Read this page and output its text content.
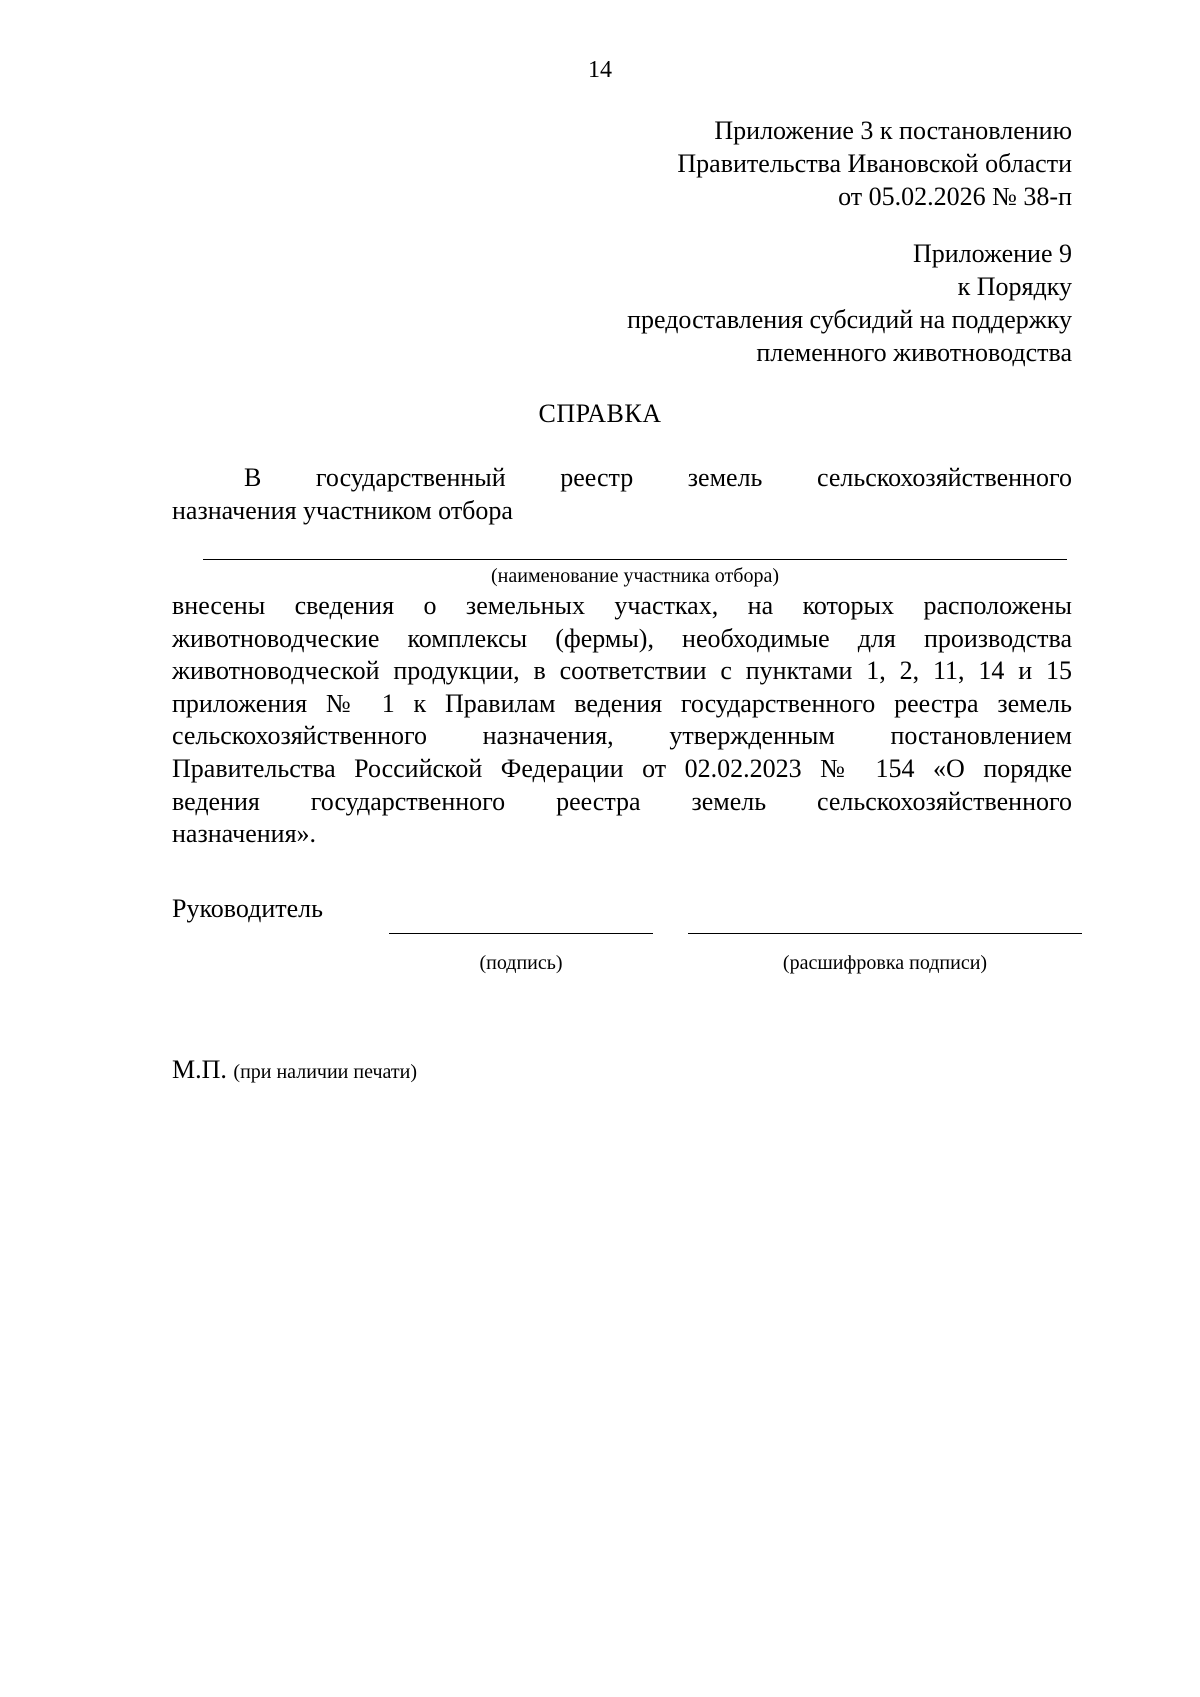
14
Приложение 3 к постановлению
Правительства Ивановской области
от 05.02.2026 № 38-п
Приложение 9
к Порядку
предоставления субсидий на поддержку
племенного животноводства
СПРАВКА
В государственный реестр земель сельскохозяйственного
назначения участником отбора
(наименование участника отбора)
внесены сведения о земельных участках, на которых расположены
животноводческие комплексы (фермы), необходимые для производства
животноводческой продукции, в соответствии с пунктами 1, 2, 11, 14 и 15
приложения № 1 к Правилам ведения государственного реестра земель
сельскохозяйственного назначения, утвержденным постановлением
Правительства Российской Федерации от 02.02.2023 № 154 «О порядке
ведения государственного реестра земель сельскохозяйственного
назначения».
Руководитель
(подпись)	(расшифровка подписи)
М.П. (при наличии печати)
